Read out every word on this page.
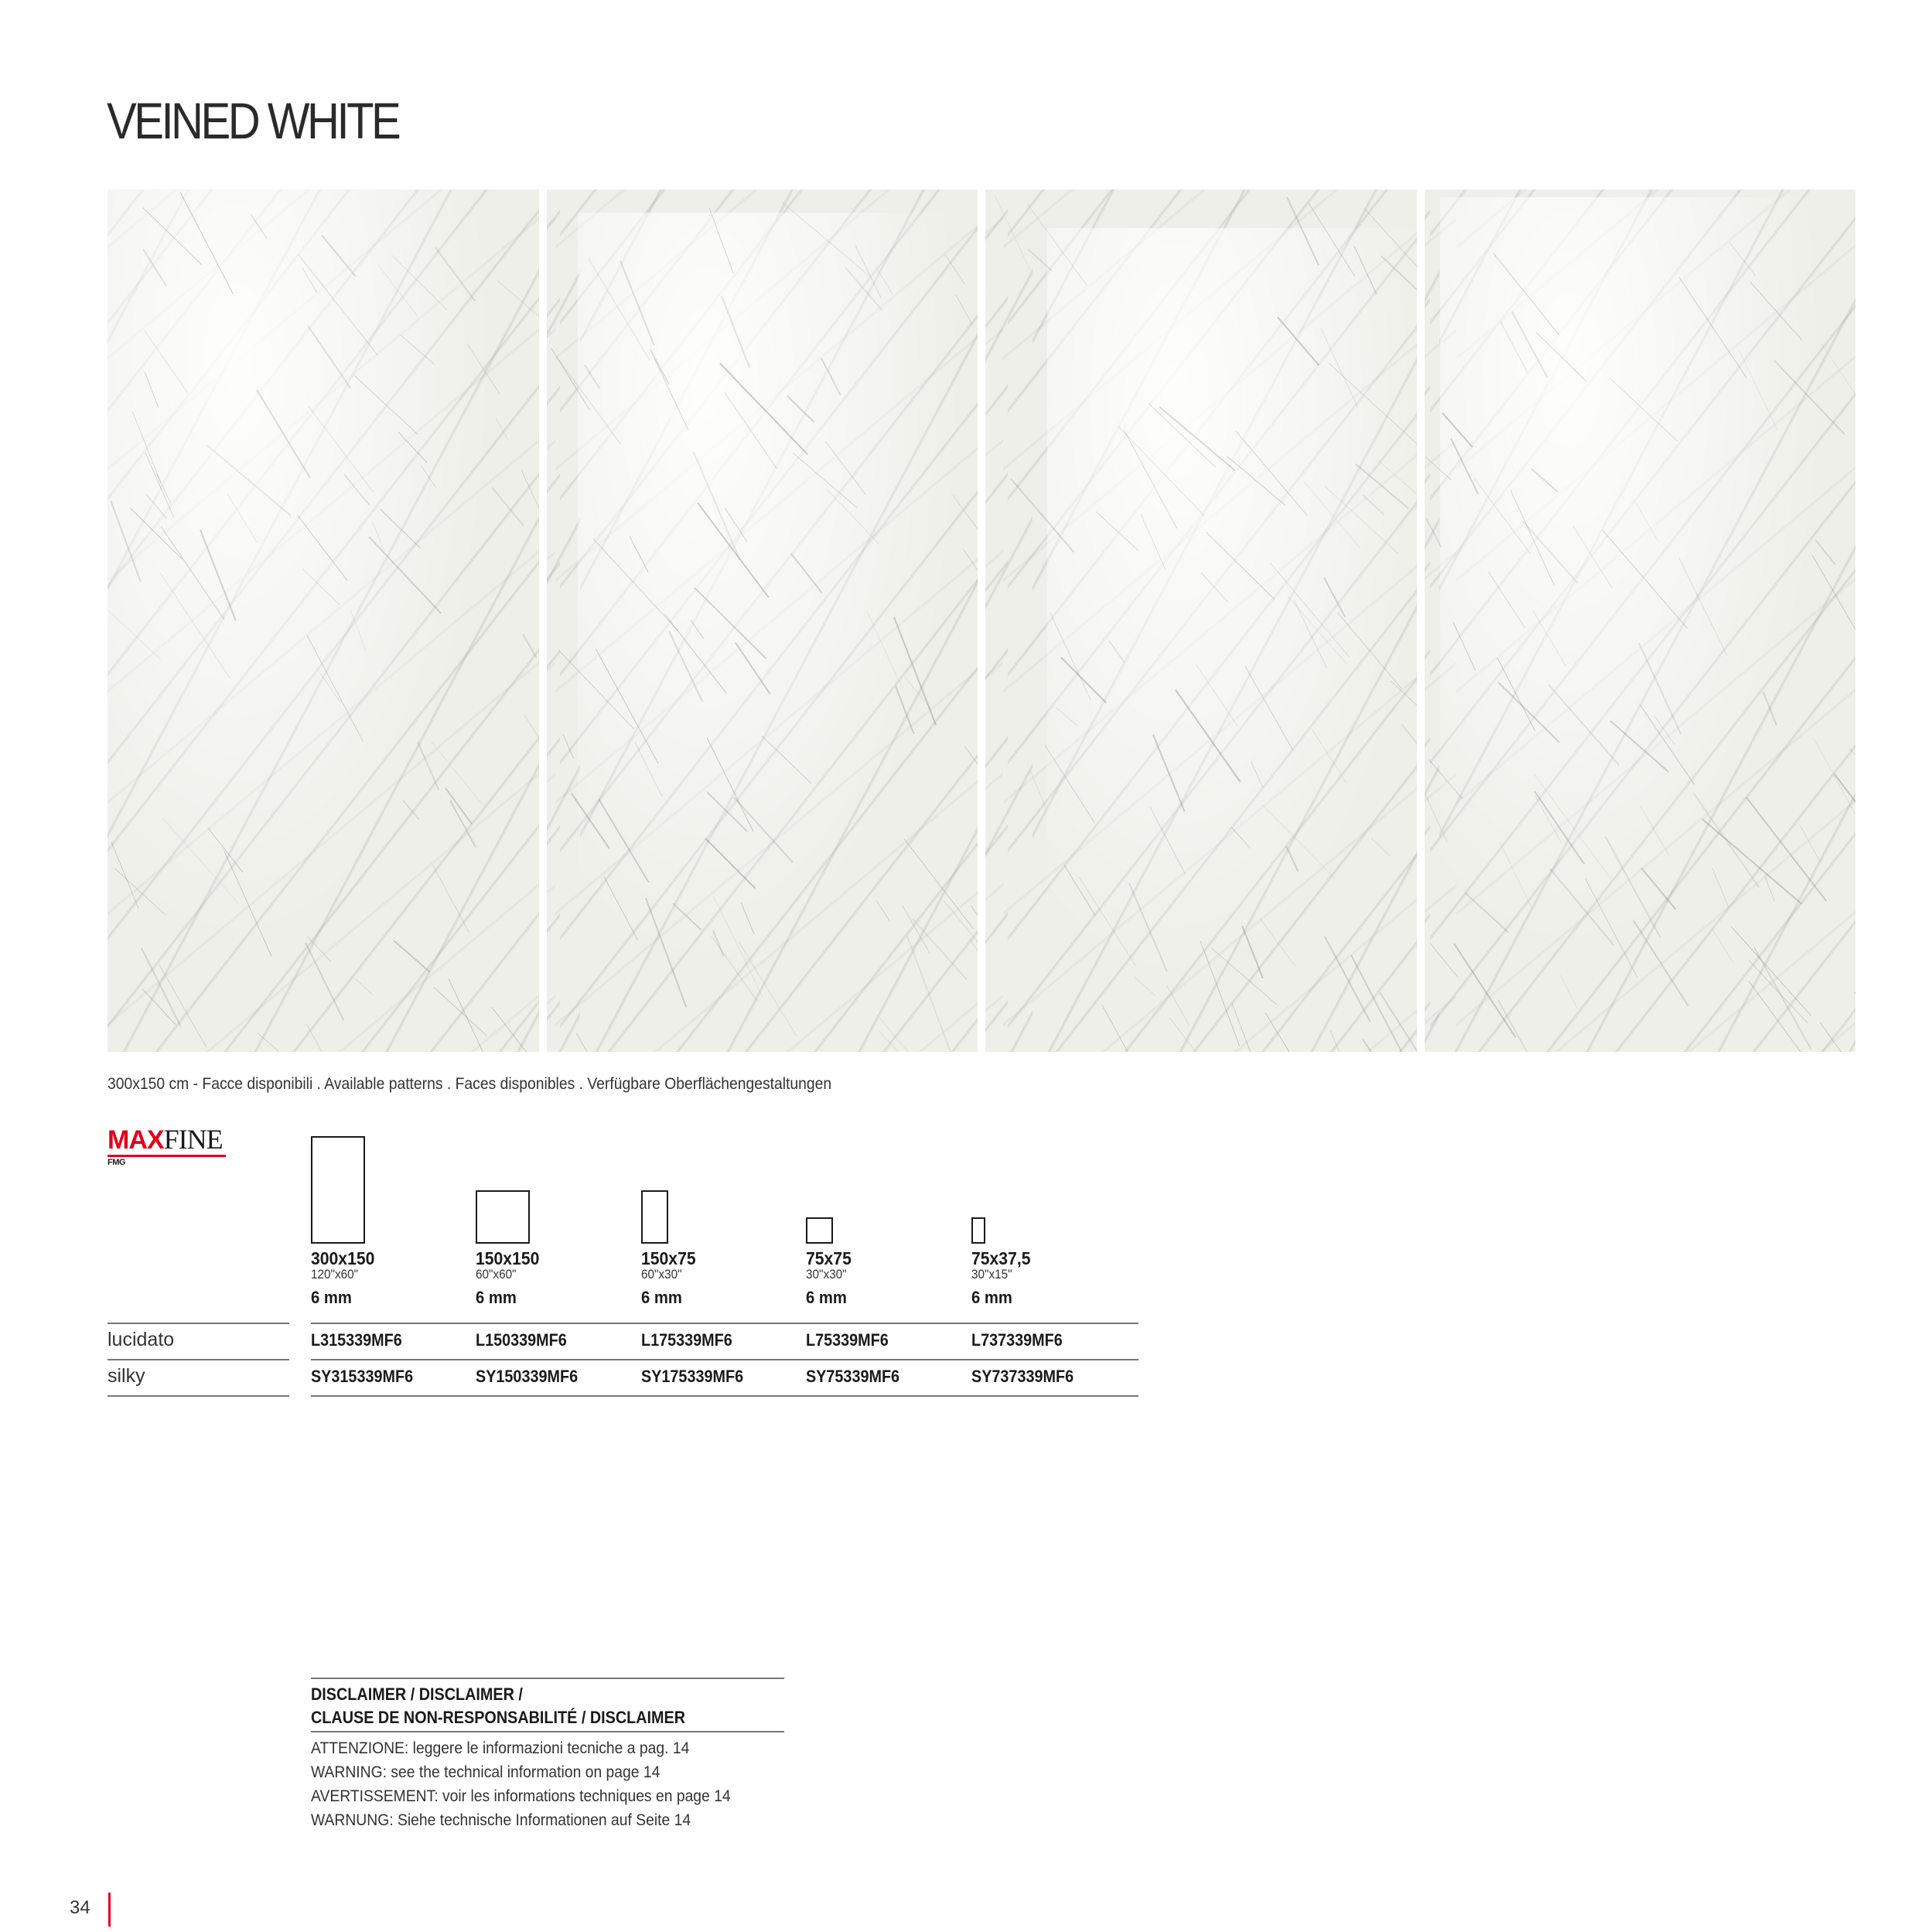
VEINED WHITE
300x150 cm - Facce disponibili . Available patterns . Faces disponibles . Verfügbare Oberflächengestaltungen
MAXFINE
FMG
300x150
120"x60"
6 mm
150x150
60"x60"
6 mm
150x75
60"x30"
6 mm
75x75
30"x30"
6 mm
75x37,5
30"x15"
6 mm
lucidato	L315339MF6	L150339MF6	L175339MF6	L75339MF6	L737339MF6
silky	SY315339MF6	SY150339MF6	SY175339MF6	SY75339MF6	SY737339MF6
DISCLAIMER / DISCLAIMER /
CLAUSE DE NON-RESPONSABILITÉ / DISCLAIMER
ATTENZIONE: leggere le informazioni tecniche a pag. 14
WARNING: see the technical information on page 14
AVERTISSEMENT: voir les informations techniques en page 14
WARNUNG: Siehe technische Informationen auf Seite 14
34
